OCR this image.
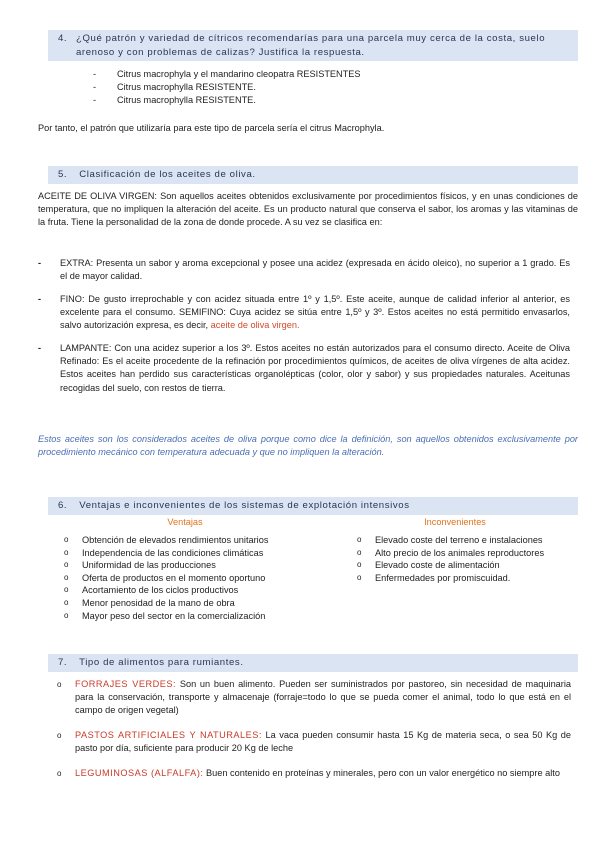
4. ¿Qué patrón y variedad de cítricos recomendarías para una parcela muy cerca de la costa, suelo arenoso y con problemas de calizas? Justifica la respuesta.
- Citrus macrophyla y el mandarino cleopatra RESISTENTES
- Citrus macrophylla RESISTENTE.
- Citrus macrophylla RESISTENTE.
Por tanto, el patrón que utilizaría para este tipo de parcela sería el citrus Macrophyla.
5. Clasificación de los aceites de oliva.
ACEITE DE OLIVA VIRGEN: Son aquellos aceites obtenidos exclusivamente por procedimientos físicos, y en unas condiciones de temperatura, que no impliquen la alteración del aceite. Es un producto natural que conserva el sabor, los aromas y las vitaminas de la fruta. Tiene la personalidad de la zona de donde procede. A su vez se clasifica en:
- EXTRA: Presenta un sabor y aroma excepcional y posee una acidez (expresada en ácido oleico), no superior a 1 grado. Es el de mayor calidad.
- FINO: De gusto irreprochable y con acidez situada entre 1º y 1,5º. Este aceite, aunque de calidad inferior al anterior, es excelente para el consumo. SEMIFINO: Cuya acidez se sitúa entre 1,5º y 3º. Estos aceites no está permitido envasarlos, salvo autorización expresa, es decir, aceite de oliva virgen.
- LAMPANTE: Con una acidez superior a los 3º. Estos aceites no están autorizados para el consumo directo. Aceite de Oliva Refinado: Es el aceite procedente de la refinación por procedimientos químicos, de aceites de oliva vírgenes de alta acidez. Estos aceites han perdido sus características organolépticas (color, olor y sabor) y sus propiedades naturales. Aceitunas recogidas del suelo, con restos de tierra.
Estos aceites son los considerados aceites de oliva porque como dice la definición, son aquellos obtenidos exclusivamente por procedimiento mecánico con temperatura adecuada y que no impliquen la alteración.
6. Ventajas e inconvenientes de los sistemas de explotación intensivos
Ventajas	Inconvenientes
o Obtención de elevados rendimientos unitarios
o Independencia de las condiciones climáticas
o Uniformidad de las producciones
o Oferta de productos en el momento oportuno
o Acortamiento de los ciclos productivos
o Menor penosidad de la mano de obra
o Mayor peso del sector en la comercialización
o Elevado coste del terreno e instalaciones
o Alto precio de los animales reproductores
o Elevado coste de alimentación
o Enfermedades por promiscuidad.
7. Tipo de alimentos para rumiantes.
o FORRAJES VERDES: Son un buen alimento. Pueden ser suministrados por pastoreo, sin necesidad de maquinaria para la conservación, transporte y almacenaje (forraje=todo lo que se pueda comer el animal, todo lo que está en el campo de origen vegetal)
o PASTOS ARTIFICIALES Y NATURALES: La vaca pueden consumir hasta 15 Kg de materia seca, o sea 50 Kg de pasto por día, suficiente para producir 20 Kg de leche
o LEGUMINOSAS (ALFALFA): Buen contenido en proteínas y minerales, pero con un valor energético no siempre alto
